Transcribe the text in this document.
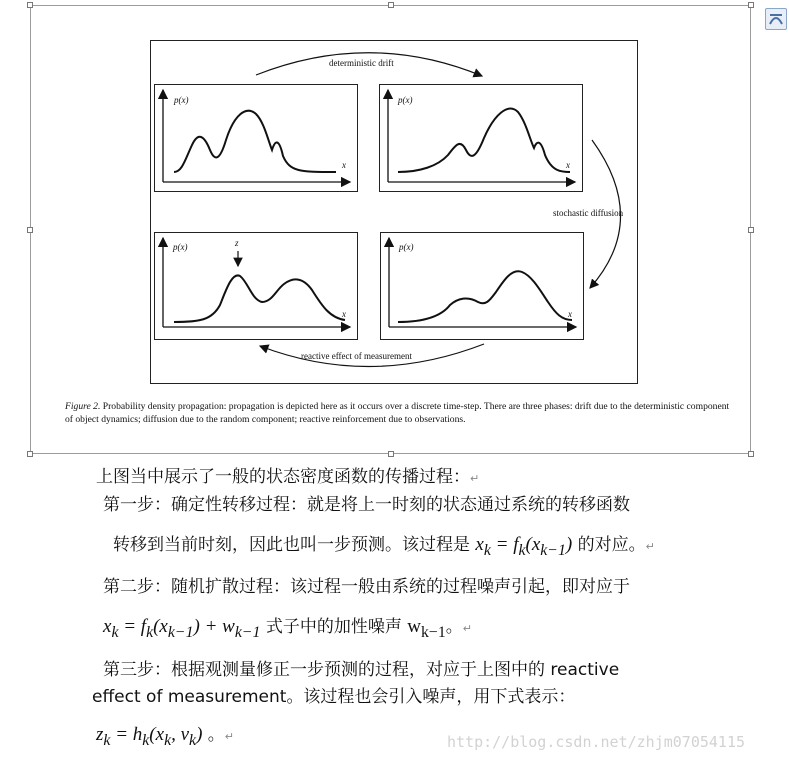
deterministic drift
stochastic diffusion
reactive effect of measurement
p(x)	p(x)
p(x)	p(x)
x	x
x	x
z
Figure 2. Probability density propagation: propagation is depicted here as it occurs over a discrete time-step. There are three phases: drift due to the deterministic component of object dynamics; diffusion due to the random component; reactive reinforcement due to observations.
上图当中展示了一般的状态密度函数的传播过程：↵
第一步：确定性转移过程：就是将上一时刻的状态通过系统的转移函数
转移到当前时刻，因此也叫一步预测。该过程是 $x_k = f_k(x_{k-1})$ 的对应。↵
第二步：随机扩散过程：该过程一般由系统的过程噪声引起，即对应于
$x_k = f_k(x_{k-1}) + w_{k-1}$ 式子中的加性噪声 $w_{k-1}$。↵
第三步：根据观测量修正一步预测的过程，对应于上图中的 reactive
effect of measurement。该过程也会引入噪声，用下式表示：
$z_k = h_k(x_k$, $v_k$) 。↵	http://blog.csdn.net/zhjm07054115
